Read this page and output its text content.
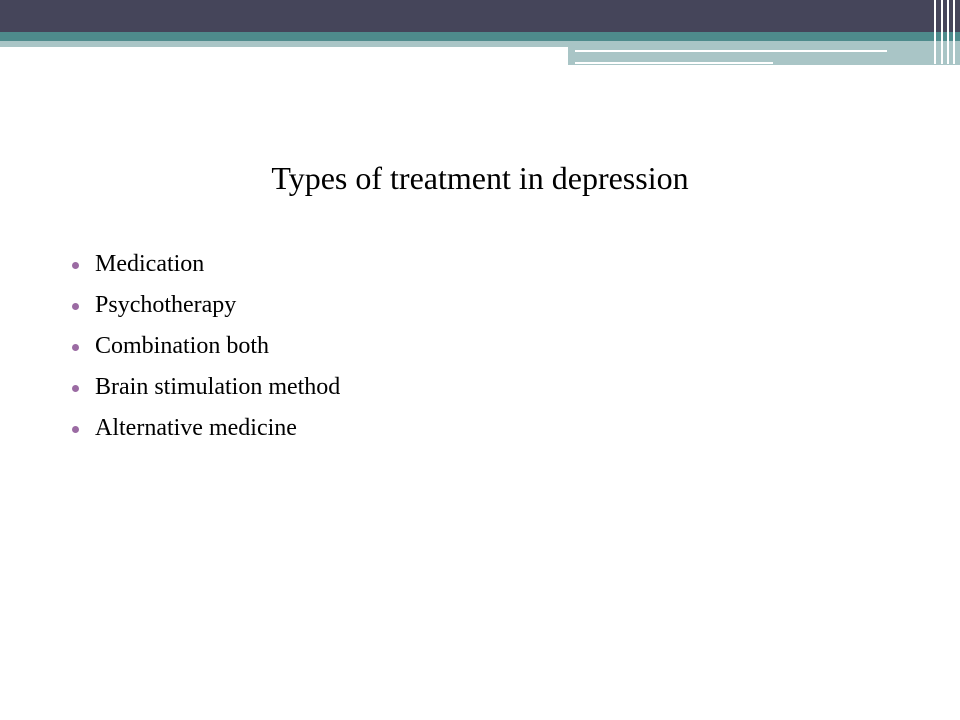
Types of treatment in depression
Medication
Psychotherapy
Combination both
Brain stimulation method
Alternative medicine
